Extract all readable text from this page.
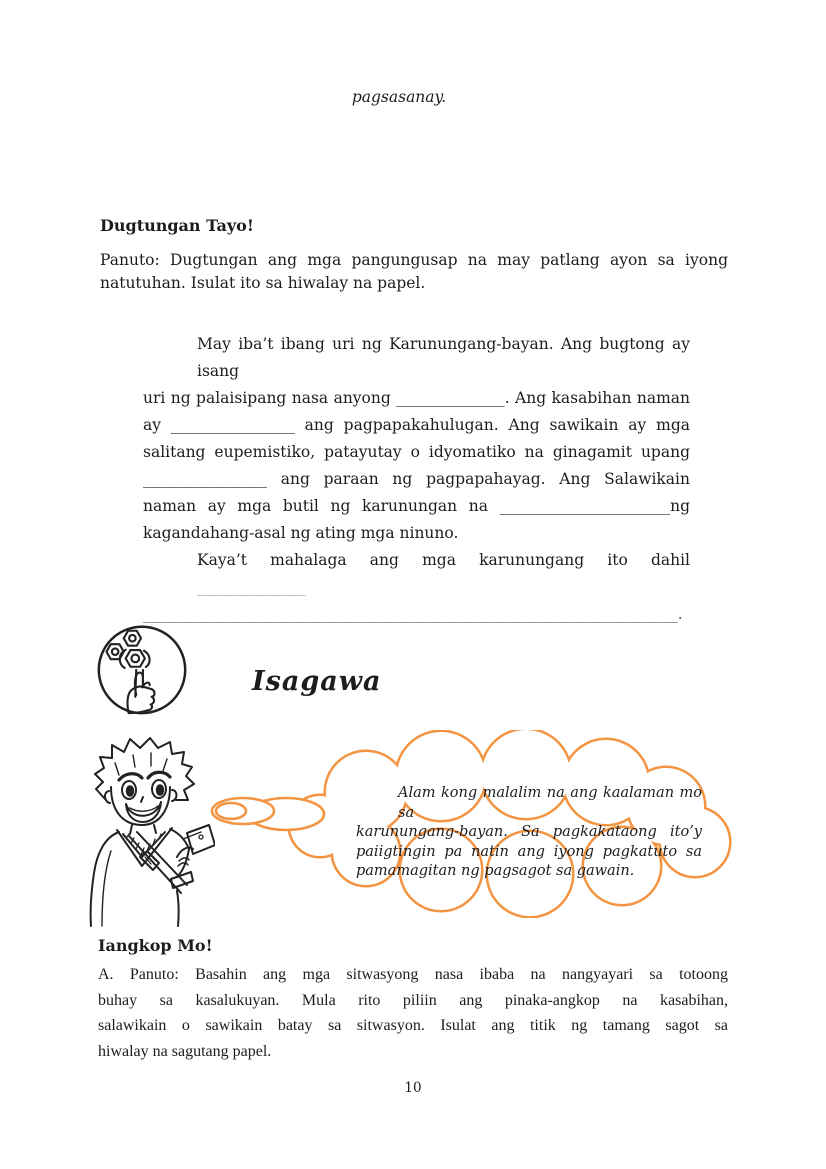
pagsasanay.
Dugtungan Tayo!
Panuto: Dugtungan ang mga pangungusap na may patlang ayon sa iyong
natutuhan. Isulat ito sa hiwalay na papel.
May iba’t ibang uri ng Karunungang-bayan. Ang bugtong ay isang
uri ng palaisipang nasa anyong ______________. Ang kasabihan naman
ay ________________ ang pagpapakahulugan. Ang sawikain ay mga
salitang eupemistiko, patayutay o idyomatiko na ginagamit upang
________________ ang paraan ng pagpapahayag. Ang Salawikain
naman ay mga butil ng karunungan na ______________________ng
kagandahang-asal ng ating mga ninuno.
Kaya’t mahalaga ang mga karunungang ito dahil ______________
_____________________________________________________________________.
Isagawa
Alam kong malalim na ang kaalaman mo sa
karunungang-bayan. Sa pagkakataong ito’y
paiigtingin pa natin ang iyong pagkatuto sa
pamamagitan ng pagsagot sa gawain.
Iangkop Mo!
A. Panuto: Basahin ang mga sitwasyong nasa ibaba na nangyayari sa totoong
buhay sa kasalukuyan. Mula rito piliin ang pinaka-angkop na kasabihan,
salawikain o sawikain batay sa sitwasyon. Isulat ang titik ng tamang sagot sa
hiwalay na sagutang papel.
10
